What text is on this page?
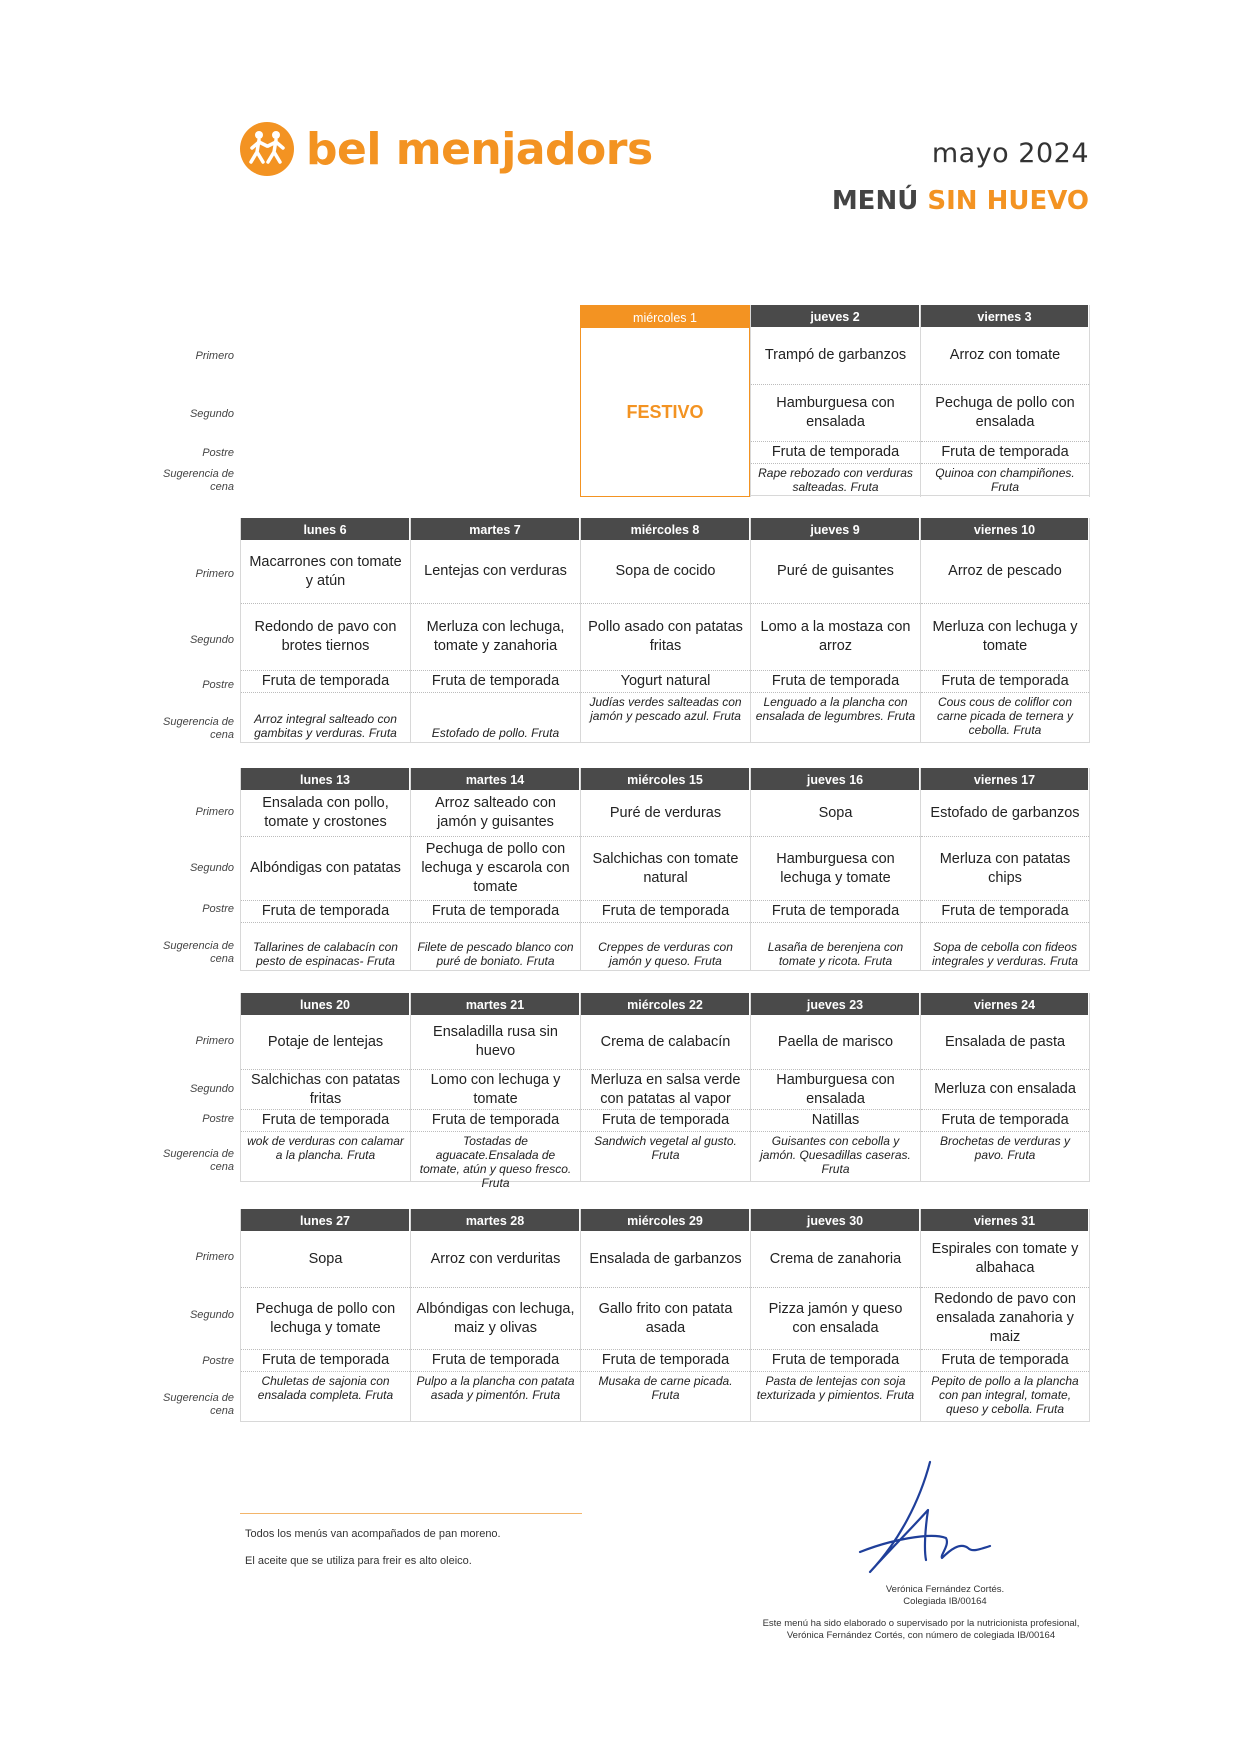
bel menjadors	mayo 2024
MENÚ SIN HUEVO
Primero
Segundo
Postre
Sugerencia de cena
miércoles 1
FESTIVO
jueves 2
Trampó de garbanzos
Hamburguesa con ensalada
Fruta de temporada
Rape rebozado con verduras salteadas. Fruta
viernes 3
Arroz con tomate
Pechuga de pollo con ensalada
Fruta de temporada
Quinoa con champiñones. Fruta
Primero
Segundo
Postre
Sugerencia de cena
lunes 6
Macarrones con tomate y atún
Redondo de pavo con brotes tiernos
Fruta de temporada
Arroz integral salteado con gambitas y verduras. Fruta
martes 7
Lentejas con verduras
Merluza con lechuga, tomate y zanahoria
Fruta de temporada
Estofado de pollo. Fruta
miércoles 8
Sopa de cocido
Pollo asado con patatas fritas
Yogurt natural
Judías verdes salteadas con jamón y pescado azul. Fruta
jueves 9
Puré de guisantes
Lomo a la mostaza con arroz
Fruta de temporada
Lenguado a la plancha con ensalada de legumbres. Fruta
viernes 10
Arroz de pescado
Merluza con lechuga y tomate
Fruta de temporada
Cous cous de coliflor con carne picada de ternera y cebolla. Fruta
Primero
Segundo
Postre
Sugerencia de cena
lunes 13
Ensalada con pollo, tomate y crostones
Albóndigas con patatas
Fruta de temporada
Tallarines de calabacín con pesto de espinacas- Fruta
martes 14
Arroz salteado con jamón y guisantes
Pechuga de pollo con lechuga y escarola con tomate
Fruta de temporada
Filete de pescado blanco con puré de boniato. Fruta
miércoles 15
Puré de verduras
Salchichas con tomate natural
Fruta de temporada
Creppes de verduras con jamón y queso. Fruta
jueves 16
Sopa
Hamburguesa con lechuga y tomate
Fruta de temporada
Lasaña de berenjena con tomate y ricota. Fruta
viernes 17
Estofado de garbanzos
Merluza con patatas chips
Fruta de temporada
Sopa de cebolla con fideos integrales y verduras. Fruta
Primero
Segundo
Postre
Sugerencia de cena
lunes 20
Potaje de lentejas
Salchichas con patatas fritas
Fruta de temporada
wok de verduras con calamar a la plancha. Fruta
martes 21
Ensaladilla rusa sin huevo
Lomo con lechuga y tomate
Fruta de temporada
Tostadas de aguacate.Ensalada de tomate, atún y queso fresco. Fruta
miércoles 22
Crema de calabacín
Merluza en salsa verde con patatas al vapor
Fruta de temporada
Sandwich vegetal al gusto. Fruta
jueves 23
Paella de marisco
Hamburguesa con ensalada
Natillas
Guisantes con cebolla y jamón. Quesadillas caseras. Fruta
viernes 24
Ensalada de pasta
Merluza con ensalada
Fruta de temporada
Brochetas de verduras y pavo. Fruta
Primero
Segundo
Postre
Sugerencia de cena
lunes 27
Sopa
Pechuga de pollo con lechuga y tomate
Fruta de temporada
Chuletas de sajonia con ensalada completa. Fruta
martes 28
Arroz con verduritas
Albóndigas con lechuga, maiz y olivas
Fruta de temporada
Pulpo a la plancha con patata asada y pimentón. Fruta
miércoles 29
Ensalada de garbanzos
Gallo frito con patata asada
Fruta de temporada
Musaka de carne picada. Fruta
jueves 30
Crema de zanahoria
Pizza jamón y queso con ensalada
Fruta de temporada
Pasta de lentejas con soja texturizada y pimientos. Fruta
viernes 31
Espirales con tomate y albahaca
Redondo de pavo con ensalada zanahoria y maiz
Fruta de temporada
Pepito de pollo a la plancha con pan integral, tomate, queso y cebolla. Fruta
Todos los menús van acompañados de pan moreno.
El aceite que se utiliza para freir es alto oleico.
Verónica Fernández Cortés.
Colegiada IB/00164
Este menú ha sido elaborado o supervisado por la nutricionista profesional,
Verónica Fernández Cortés, con número de colegiada IB/00164
